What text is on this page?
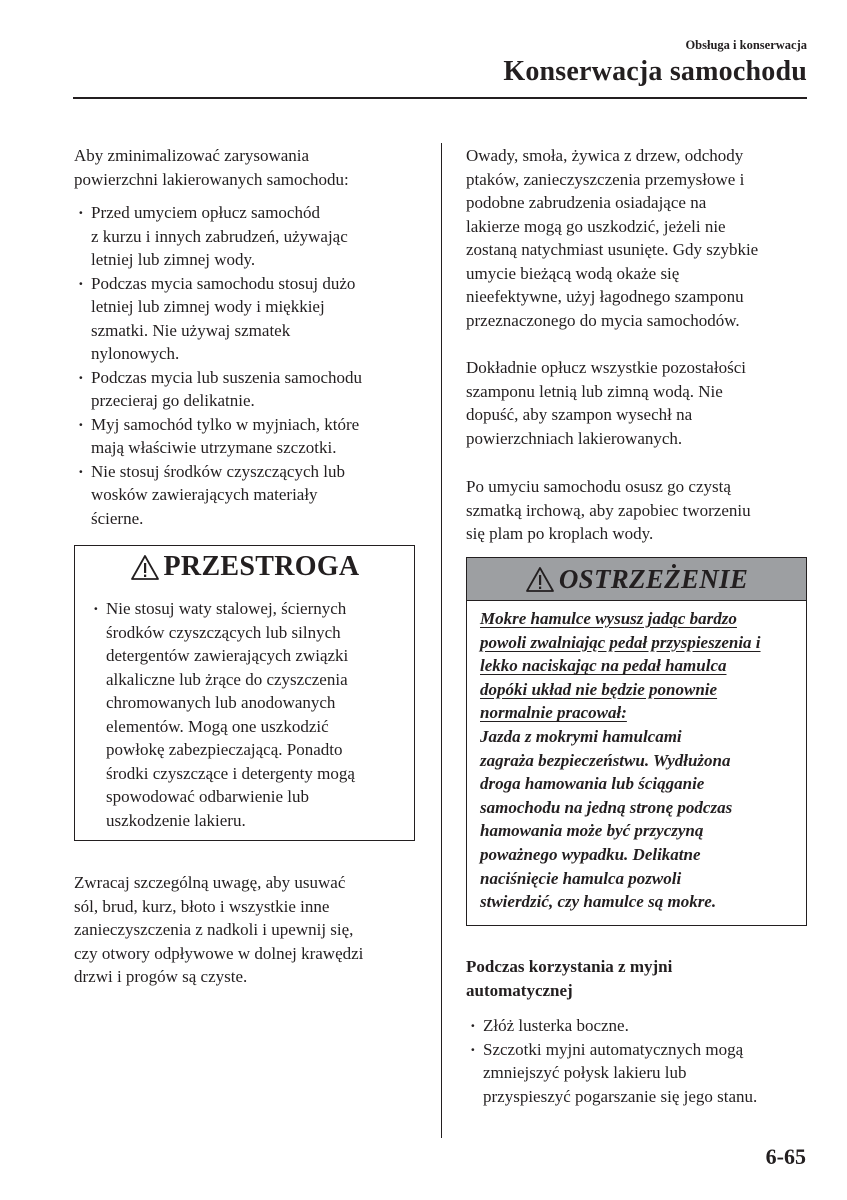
Obsługa i konserwacja
Konserwacja samochodu

Aby zminimalizować zarysowania
powierzchni lakierowanych samochodu:

· Przed umyciem opłucz samochód
z kurzu i innych zabrudzeń, używając
letniej lub zimnej wody.
· Podczas mycia samochodu stosuj dużo
letniej lub zimnej wody i miękkiej
szmatki. Nie używaj szmatek
nylonowych.
· Podczas mycia lub suszenia samochodu
przecieraj go delikatnie.
· Myj samochód tylko w myjniach, które
mają właściwie utrzymane szczotki.
· Nie stosuj środków czyszczących lub
wosków zawierających materiały
ścierne.
PRZESTROGA
· Nie stosuj waty stalowej, ściernych
środków czyszczących lub silnych
detergentów zawierających związki
alkaliczne lub żrące do czyszczenia
chromowanych lub anodowanych
elementów. Mogą one uszkodzić
powłokę zabezpieczającą. Ponadto
środki czyszczące i detergenty mogą
spowodować odbarwienie lub
uszkodzenie lakieru.

Zwracaj szczególną uwagę, aby usuwać
sól, brud, kurz, błoto i wszystkie inne
zanieczyszczenia z nadkoli i upewnij się,
czy otwory odpływowe w dolnej krawędzi
drzwi i progów są czyste.

Owady, smoła, żywica z drzew, odchody
ptaków, zanieczyszczenia przemysłowe i
podobne zabrudzenia osiadające na
lakierze mogą go uszkodzić, jeżeli nie
zostaną natychmiast usunięte. Gdy szybkie
umycie bieżącą wodą okaże się
nieefektywne, użyj łagodnego szamponu
przeznaczonego do mycia samochodów.

Dokładnie opłucz wszystkie pozostałości
szamponu letnią lub zimną wodą. Nie
dopuść, aby szampon wysechł na
powierzchniach lakierowanych.

Po umyciu samochodu osusz go czystą
szmatką irchową, aby zapobiec tworzeniu
się plam po kroplach wody.

OSTRZEŻENIE
Mokre hamulce wysusz jadąc bardzo
powoli zwalniając pedał przyspieszenia i
lekko naciskając na pedał hamulca
dopóki układ nie będzie ponownie
normalnie pracował:
Jazda z mokrymi hamulcami
zagraża bezpieczeństwu. Wydłużona
droga hamowania lub ściąganie
samochodu na jedną stronę podczas
hamowania może być przyczyną
poważnego wypadku. Delikatne
naciśnięcie hamulca pozwoli
stwierdzić, czy hamulce są mokre.

Podczas korzystania z myjni
automatycznej

· Złóż lusterka boczne.
· Szczotki myjni automatycznych mogą
zmniejszyć połysk lakieru lub
przyspieszyć pogarszanie się jego stanu.
6-65
